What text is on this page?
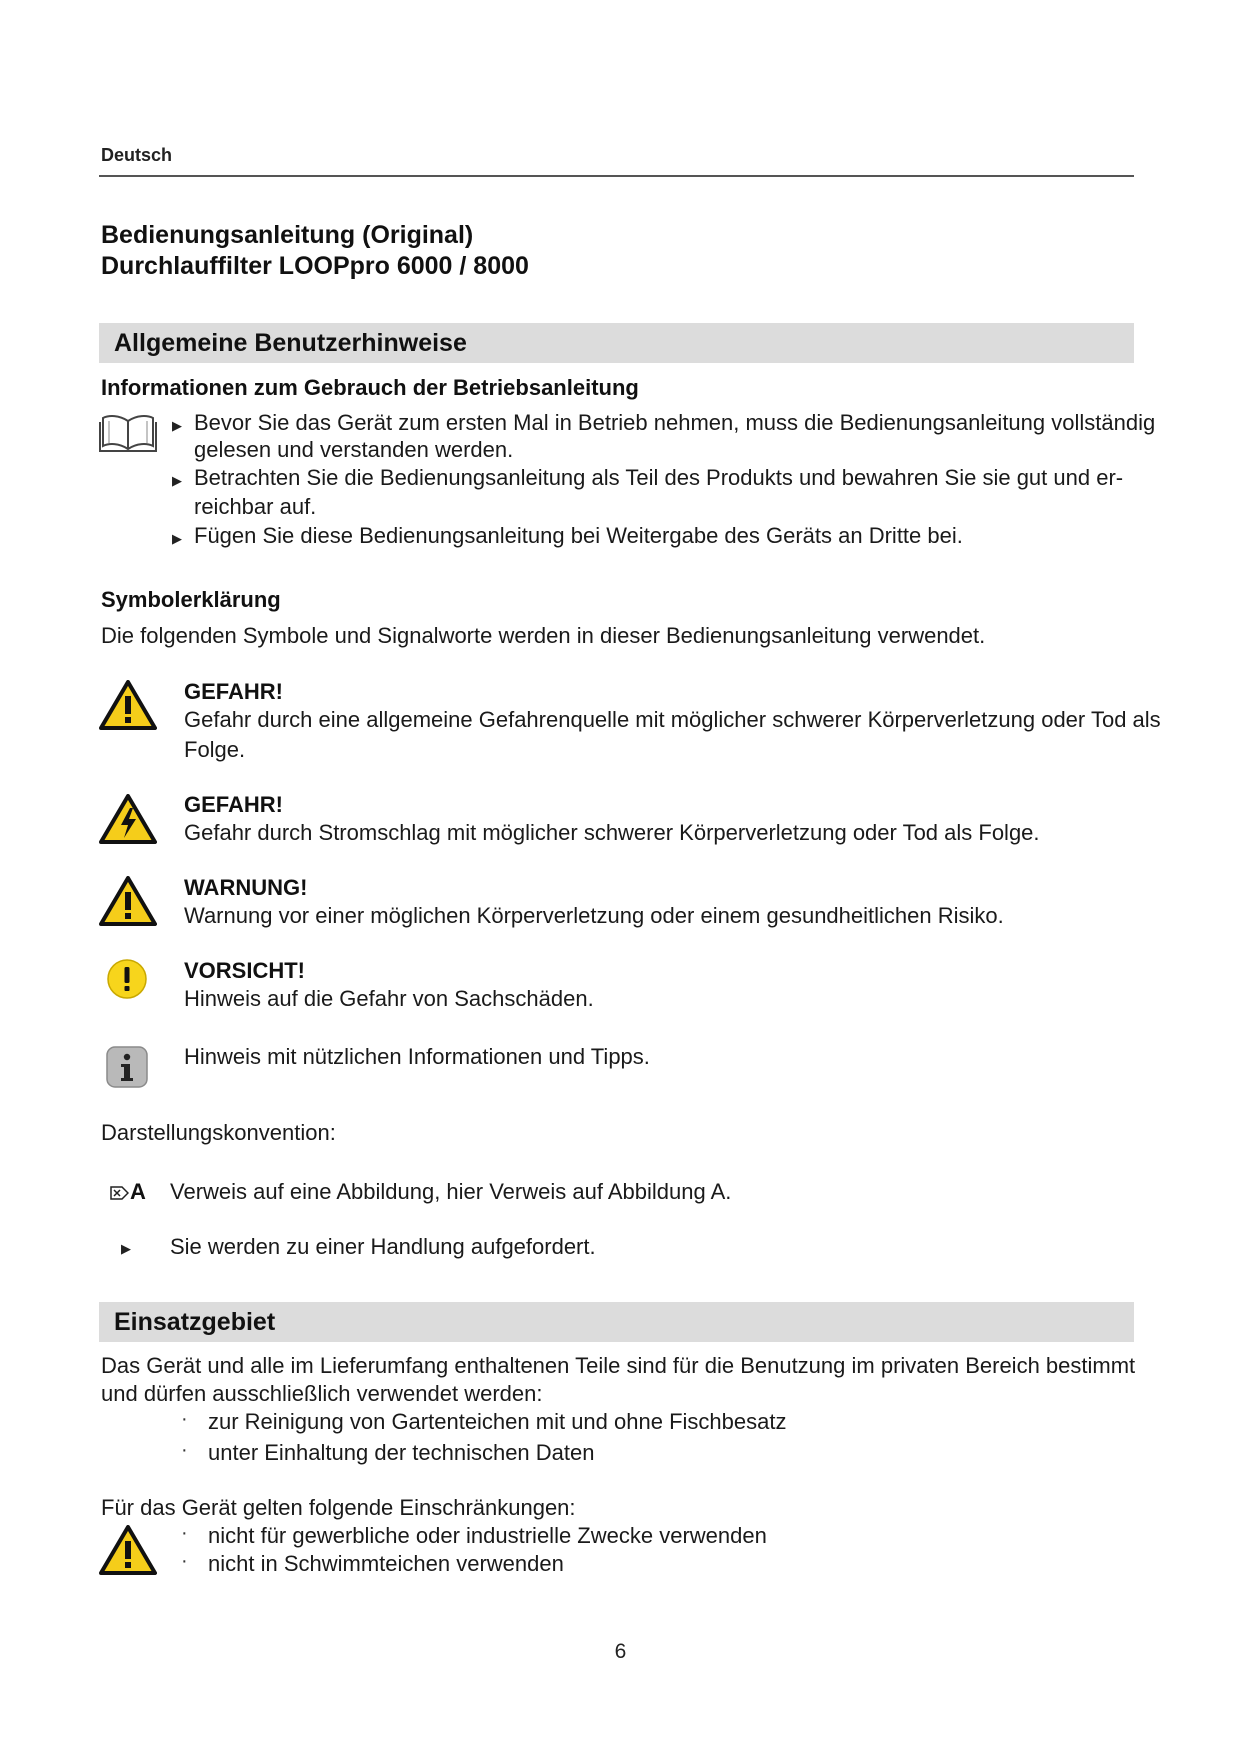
Deutsch
Bedienungsanleitung (Original)
Durchlauffilter LOOPpro 6000 / 8000
Allgemeine Benutzerhinweise
Informationen zum Gebrauch der Betriebsanleitung
▶ Bevor Sie das Gerät zum ersten Mal in Betrieb nehmen, muss die Bedienungsanleitung vollständig
gelesen und verstanden werden.
▶ Betrachten Sie die Bedienungsanleitung als Teil des Produkts und bewahren Sie sie gut und er-
reichbar auf.
▶ Fügen Sie diese Bedienungsanleitung bei Weitergabe des Geräts an Dritte bei.
Symbolerklärung
Die folgenden Symbole und Signalworte werden in dieser Bedienungsanleitung verwendet.
GEFAHR!
Gefahr durch eine allgemeine Gefahrenquelle mit möglicher schwerer Körperverletzung oder Tod als
Folge.
GEFAHR!
Gefahr durch Stromschlag mit möglicher schwerer Körperverletzung oder Tod als Folge.
WARNUNG!
Warnung vor einer möglichen Körperverletzung oder einem gesundheitlichen Risiko.
VORSICHT!
Hinweis auf die Gefahr von Sachschäden.
Hinweis mit nützlichen Informationen und Tipps.
Darstellungskonvention:
A Verweis auf eine Abbildung, hier Verweis auf Abbildung A.
▶ Sie werden zu einer Handlung aufgefordert.
Einsatzgebiet
Das Gerät und alle im Lieferumfang enthaltenen Teile sind für die Benutzung im privaten Bereich bestimmt
und dürfen ausschließlich verwendet werden:
· zur Reinigung von Gartenteichen mit und ohne Fischbesatz
· unter Einhaltung der technischen Daten
Für das Gerät gelten folgende Einschränkungen:
· nicht für gewerbliche oder industrielle Zwecke verwenden
· nicht in Schwimmteichen verwenden
6
